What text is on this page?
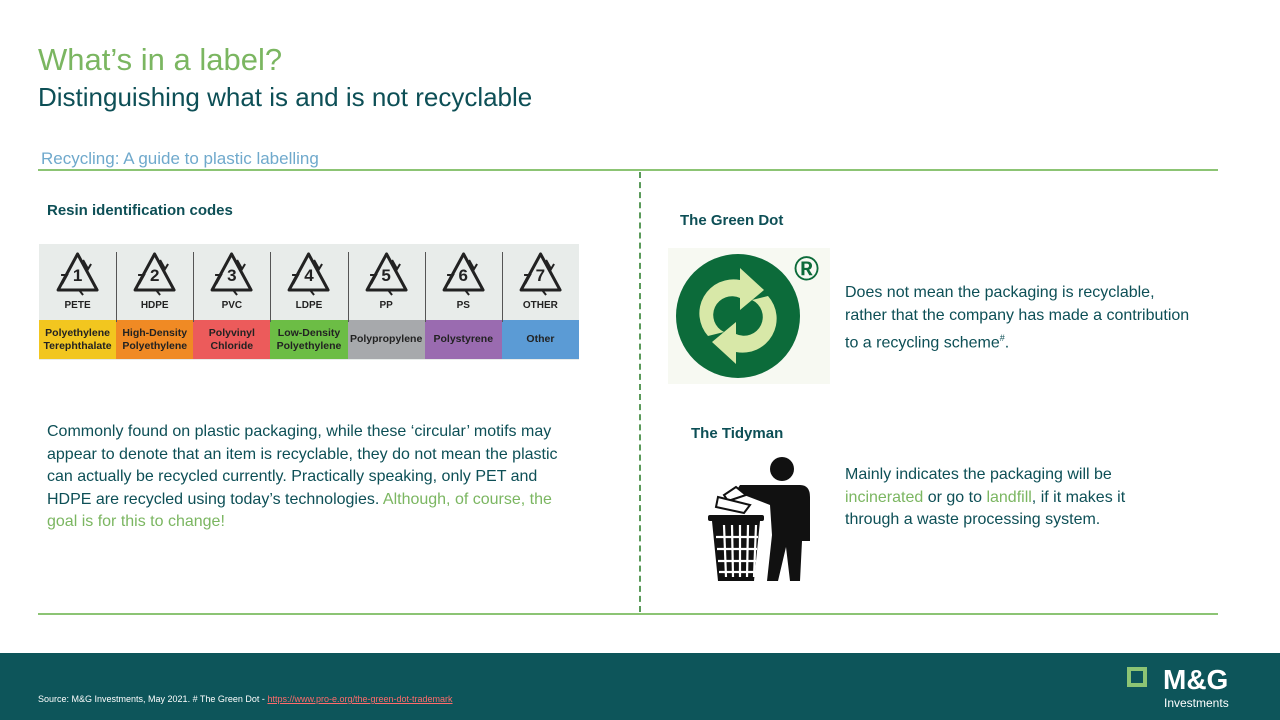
What’s in a label?
Distinguishing what is and is not recyclable
Recycling: A guide to plastic labelling
Resin identification codes
1
PETE
Polyethylene Terephthalate
2
HDPE
High-Density Polyethylene
3
PVC
Polyvinyl Chloride
4
LDPE
Low-Density Polyethylene
5
PP
Polypropylene
6
PS
Polystyrene
7
OTHER
Other
Commonly found on plastic packaging, while these ‘circular’ motifs may appear to denote that an item is recyclable, they do not mean the plastic can actually be recycled currently. Practically speaking, only PET and HDPE are recycled using today’s technologies. Although, of course, the goal is for this to change!
The Green Dot
®
Does not mean the packaging is recyclable, rather that the company has made a contribution to a recycling scheme#.
The Tidyman
Mainly indicates the packaging will be incinerated or go to landfill, if it makes it through a waste processing system.
Source: M&G Investments, May 2021. # The Green Dot - https://www.pro-e.org/the-green-dot-trademark
M&G
Investments
